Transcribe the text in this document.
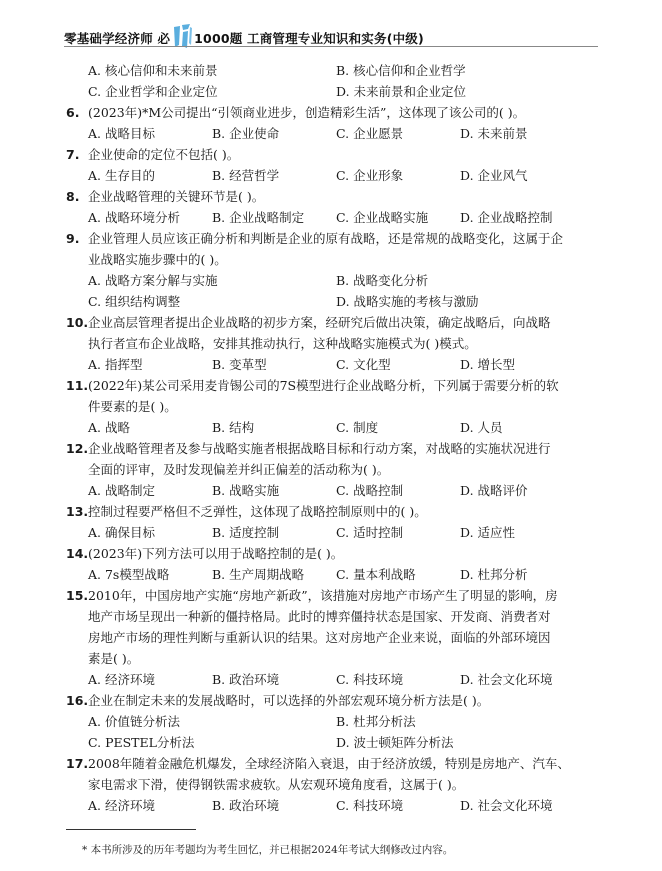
零基础学经济师 必 1000题 工商管理专业知识和实务(中级)
A. 核心信仰和未来前景	B. 核心信仰和企业哲学
C. 企业哲学和企业定位	D. 未来前景和企业定位
6. (2023年)*M公司提出“引领商业进步，创造精彩生活”，这体现了该公司的( )。
A. 战略目标	B. 企业使命	C. 企业愿景	D. 未来前景
7. 企业使命的定位不包括( )。
A. 生存目的	B. 经营哲学	C. 企业形象	D. 企业风气
8. 企业战略管理的关键环节是( )。
A. 战略环境分析	B. 企业战略制定	C. 企业战略实施	D. 企业战略控制
9. 企业管理人员应该正确分析和判断是企业的原有战略，还是常规的战略变化，这属于企
业战略实施步骤中的( )。
A. 战略方案分解与实施	B. 战略变化分析
C. 组织结构调整	D. 战略实施的考核与激励
10. 企业高层管理者提出企业战略的初步方案，经研究后做出决策，确定战略后，向战略
执行者宣布企业战略，安排其推动执行，这种战略实施模式为( )模式。
A. 指挥型	B. 变革型	C. 文化型	D. 增长型
11. (2022年)某公司采用麦肯锡公司的7S模型进行企业战略分析，下列属于需要分析的软
件要素的是( )。
A. 战略	B. 结构	C. 制度	D. 人员
12. 企业战略管理者及参与战略实施者根据战略目标和行动方案，对战略的实施状况进行
全面的评审，及时发现偏差并纠正偏差的活动称为( )。
A. 战略制定	B. 战略实施	C. 战略控制	D. 战略评价
13. 控制过程要严格但不乏弹性，这体现了战略控制原则中的( )。
A. 确保目标	B. 适度控制	C. 适时控制	D. 适应性
14. (2023年)下列方法可以用于战略控制的是( )。
A. 7s模型战略	B. 生产周期战略	C. 量本利战略	D. 杜邦分析
15. 2010年，中国房地产实施“房地产新政”，该措施对房地产市场产生了明显的影响，房
地产市场呈现出一种新的僵持格局。此时的博弈僵持状态是国家、开发商、消费者对
房地产市场的理性判断与重新认识的结果。这对房地产企业来说，面临的外部环境因
素是( )。
A. 经济环境	B. 政治环境	C. 科技环境	D. 社会文化环境
16. 企业在制定未来的发展战略时，可以选择的外部宏观环境分析方法是( )。
A. 价值链分析法	B. 杜邦分析法
C. PESTEL分析法	D. 波士顿矩阵分析法
17. 2008年随着金融危机爆发，全球经济陷入衰退，由于经济放缓，特别是房地产、汽车、
家电需求下滑，使得钢铁需求疲软。从宏观环境角度看，这属于( )。
A. 经济环境	B. 政治环境	C. 科技环境	D. 社会文化环境
* 本书所涉及的历年考题均为考生回忆，并已根据2024年考试大纲修改过内容。
